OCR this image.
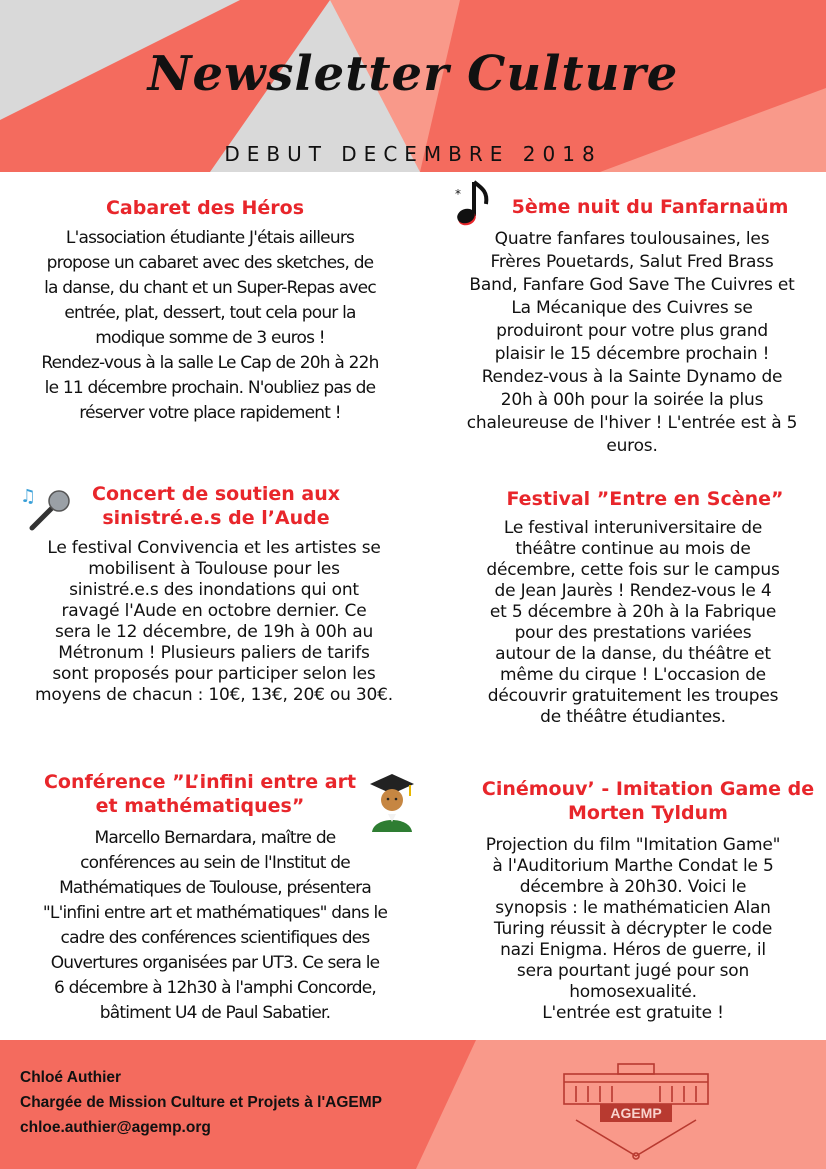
Newsletter Culture
DEBUT DECEMBRE 2018
Cabaret des Héros
L'association étudiante J'étais ailleurs
propose un cabaret avec des sketches, de
la danse, du chant et un Super-Repas avec
entrée, plat, dessert, tout cela pour la
modique somme de 3 euros !
Rendez-vous à la salle Le Cap de 20h à 22h
le 11 décembre prochain. N'oubliez pas de
réserver votre place rapidement !
*
5ème nuit du Fanfarnaüm
Quatre fanfares toulousaines, les
Frères Pouetards, Salut Fred Brass
Band, Fanfare God Save The Cuivres et
La Mécanique des Cuivres se
produiront pour votre plus grand
plaisir le 15 décembre prochain !
Rendez-vous à la Sainte Dynamo de
20h à 00h pour la soirée la plus
chaleureuse de l'hiver ! L'entrée est à 5
euros.
♫	Concert de soutien aux
sinistré.e.s de l’Aude
Le festival Convivencia et les artistes se
mobilisent à Toulouse pour les
sinistré.e.s des inondations qui ont
ravagé l'Aude en octobre dernier. Ce
sera le 12 décembre, de 19h à 00h au
Métronum ! Plusieurs paliers de tarifs
sont proposés pour participer selon les
moyens de chacun : 10€, 13€, 20€ ou 30€.
Festival ”Entre en Scène”
Le festival interuniversitaire de
théâtre continue au mois de
décembre, cette fois sur le campus
de Jean Jaurès ! Rendez-vous le 4
et 5 décembre à 20h à la Fabrique
pour des prestations variées
autour de la danse, du théâtre et
même du cirque ! L'occasion de
découvrir gratuitement les troupes
de théâtre étudiantes.
Conférence ”L’infini entre art
et mathématiques”
Marcello Bernardara, maître de
conférences au sein de l'Institut de
Mathématiques de Toulouse, présentera
"L'infini entre art et mathématiques" dans le
cadre des conférences scientifiques des
Ouvertures organisées par UT3. Ce sera le
6 décembre à 12h30 à l'amphi Concorde,
bâtiment U4 de Paul Sabatier.
Cinémouv’ - Imitation Game de
Morten Tyldum
Projection du film "Imitation Game"
à l'Auditorium Marthe Condat le 5
décembre à 20h30. Voici le
synopsis : le mathématicien Alan
Turing réussit à décrypter le code
nazi Enigma. Héros de guerre, il
sera pourtant jugé pour son
homosexualité.
L'entrée est gratuite !
Chloé Authier
Chargée de Mission Culture et Projets à l'AGEMP
chloe.authier@agemp.org
AGEMP
